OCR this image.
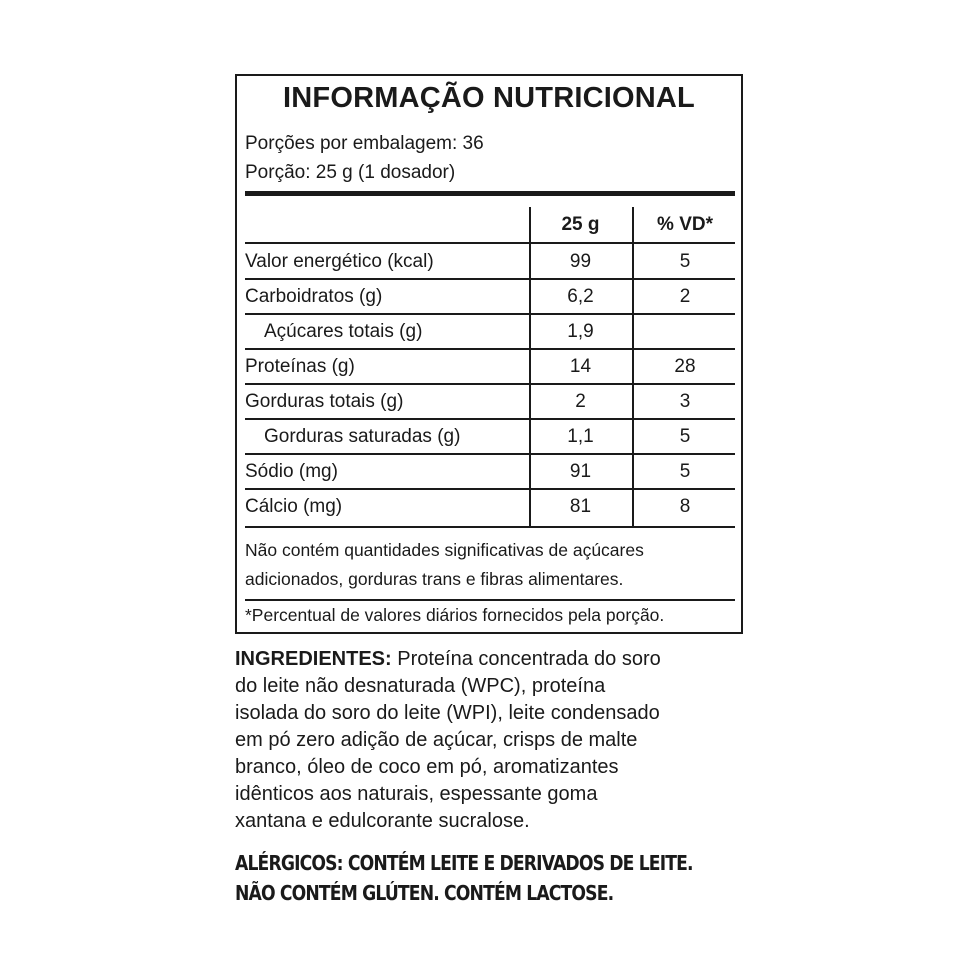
INFORMAÇÃO NUTRICIONAL
Porções por embalagem: 36
Porção: 25 g (1 dosador)
25 g	% VD*
Valor energético (kcal)	99	5
Carboidratos (g)	6,2	2
Açúcares totais (g)	1,9
Proteínas (g)	14	28
Gorduras totais (g)	2	3
Gorduras saturadas (g)	1,1	5
Sódio (mg)	91	5
Cálcio (mg)	81	8
Não contém quantidades significativas de açúcares
adicionados, gorduras trans e fibras alimentares.
*Percentual de valores diários fornecidos pela porção.
INGREDIENTES: Proteína concentrada do soro
do leite não desnaturada (WPC), proteína
isolada do soro do leite (WPI), leite condensado
em pó zero adição de açúcar, crisps de malte
branco, óleo de coco em pó, aromatizantes
idênticos aos naturais, espessante goma
xantana e edulcorante sucralose.
ALÉRGICOS: CONTÉM LEITE E DERIVADOS DE LEITE.
NÃO CONTÉM GLÚTEN. CONTÉM LACTOSE.
